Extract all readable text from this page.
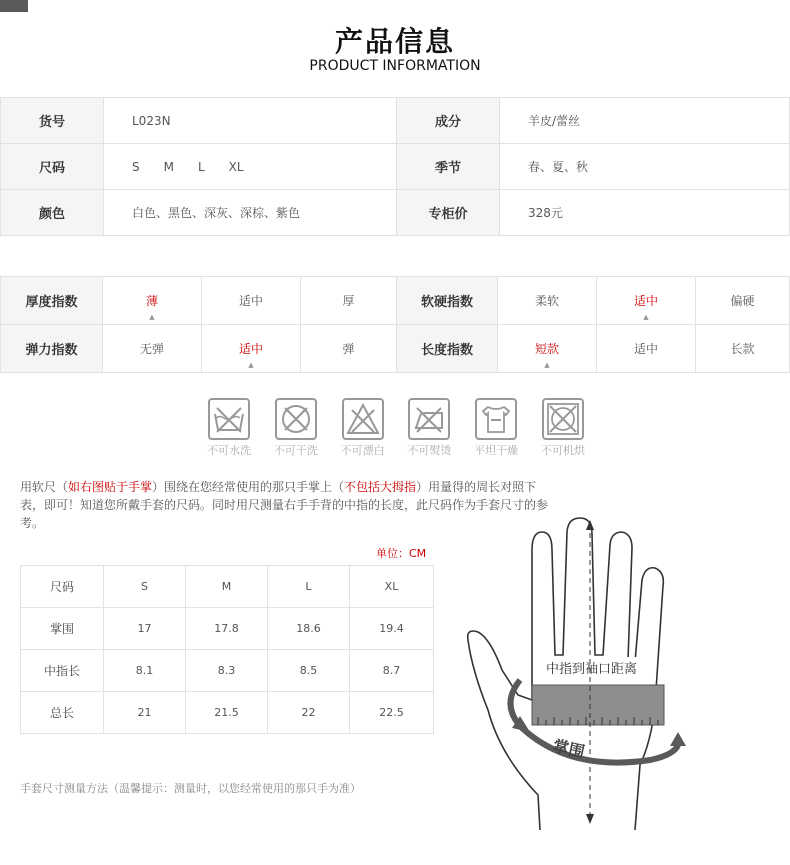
产品信息
PRODUCT INFORMATION
货号	L023N	成分	羊皮/蕾丝
尺码	S　　M　　L　　XL	季节	春、夏、秋
颜色	白色、黑色、深灰、深棕、紫色	专柜价	328元
厚度指数	薄 ▲	适中	厚	软硬指数	柔软	适中 ▲	偏硬
弹力指数	无弹	适中 ▲	弹	长度指数	短款 ▲	适中	长款
不可水洗	不可干洗	不可漂白	不可熨烫	平坦干燥	不可机烘
用软尺（如右图贴于手掌）围绕在您经常使用的那只手掌上（不包括大拇指）用量得的周长对照下表，即可！知道您所戴手套的尺码。同时用尺测量右手手背的中指的长度，此尺码作为手套尺寸的参考。
单位：CM
尺码	S	M	L	XL
掌围	17	17.8	18.6	19.4
中指长	8.1	8.3	8.5	8.7
总长	21	21.5	22	22.5
中指到袖口距离
掌围
手套尺寸测量方法（温馨提示：测量时，以您经常使用的那只手为准）
